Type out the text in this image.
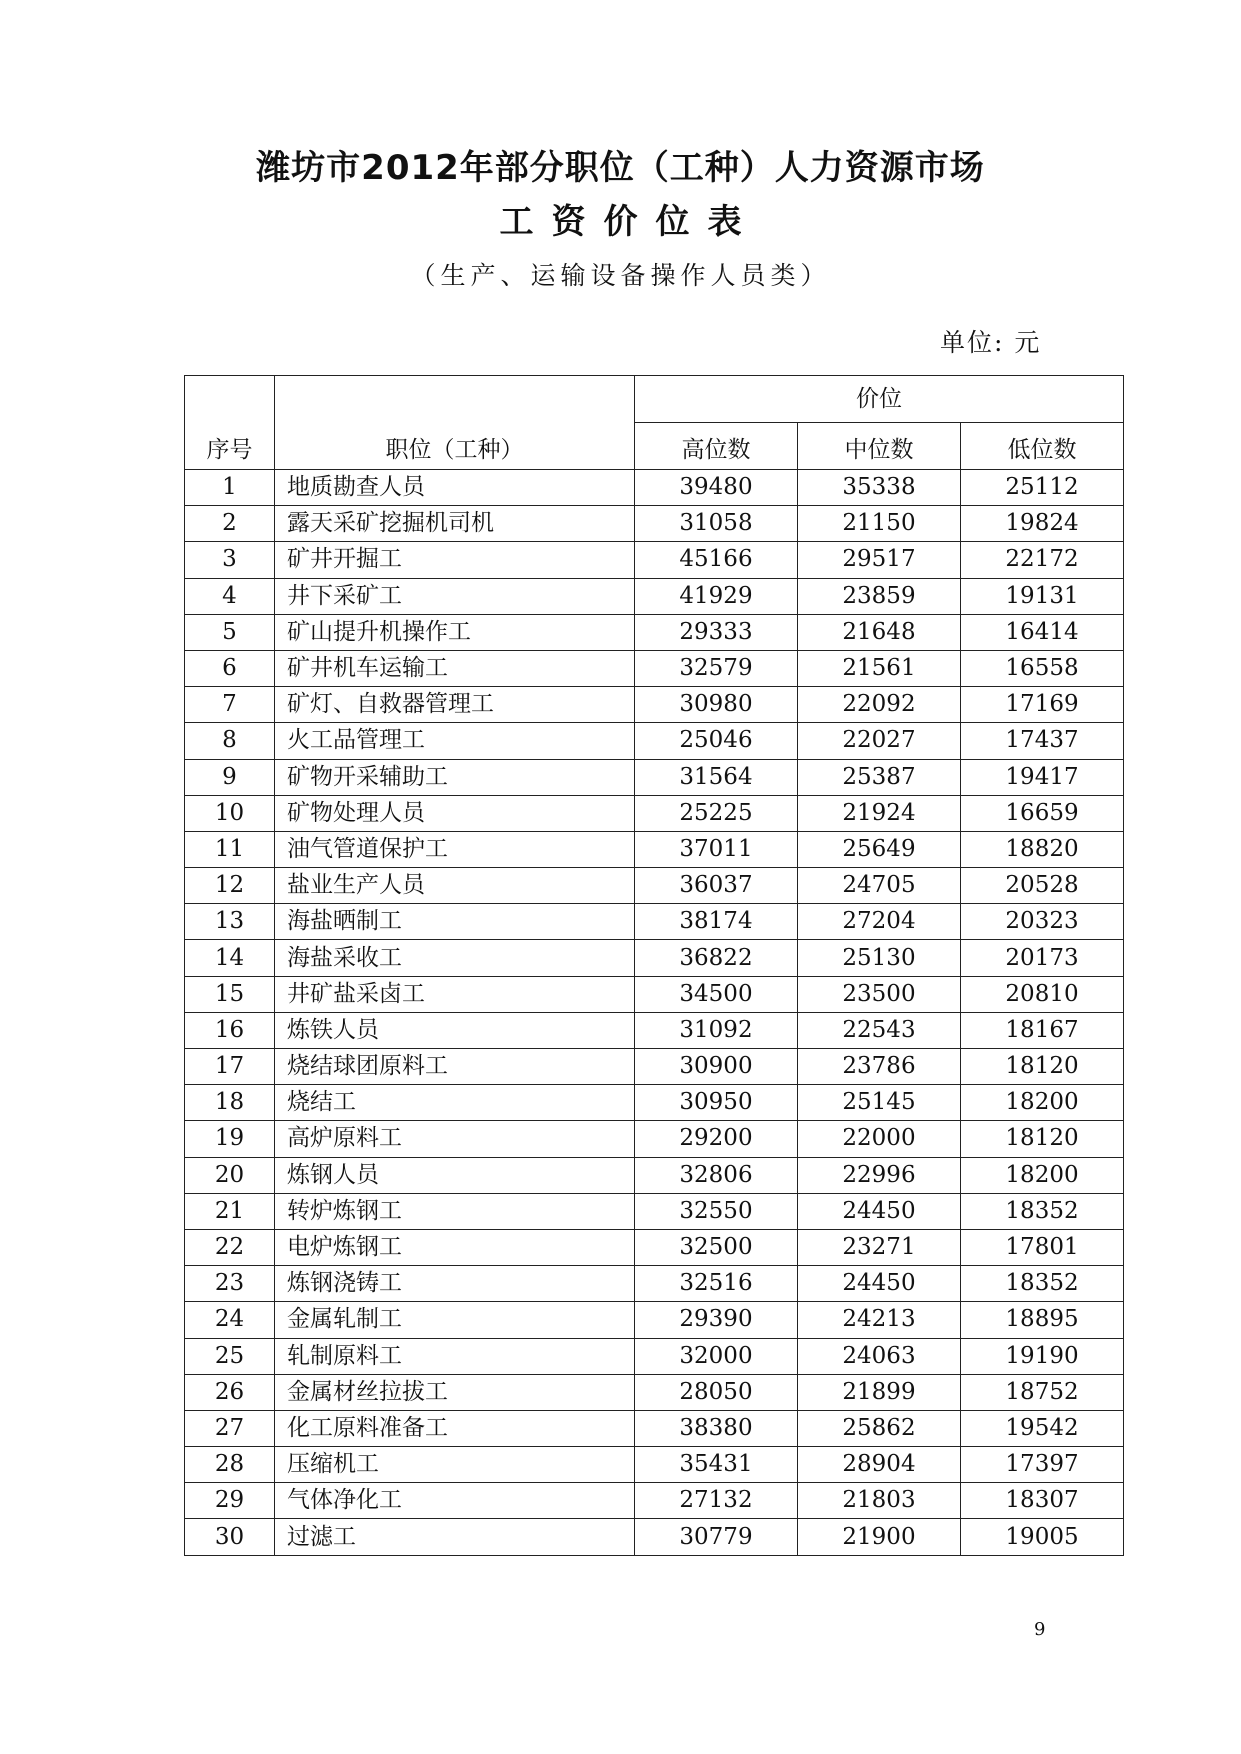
潍坊市2012年部分职位（工种）人力资源市场
工资价位表
（生产、运输设备操作人员类）
单位: 元
序号	职位（工种）	价位		
		高位数	中位数	低位数
1	地质勘查人员	39480	35338	25112
2	露天采矿挖掘机司机	31058	21150	19824
3	矿井开掘工	45166	29517	22172
4	井下采矿工	41929	23859	19131
5	矿山提升机操作工	29333	21648	16414
6	矿井机车运输工	32579	21561	16558
7	矿灯、自救器管理工	30980	22092	17169
8	火工品管理工	25046	22027	17437
9	矿物开采辅助工	31564	25387	19417
10	矿物处理人员	25225	21924	16659
11	油气管道保护工	37011	25649	18820
12	盐业生产人员	36037	24705	20528
13	海盐晒制工	38174	27204	20323
14	海盐采收工	36822	25130	20173
15	井矿盐采卤工	34500	23500	20810
16	炼铁人员	31092	22543	18167
17	烧结球团原料工	30900	23786	18120
18	烧结工	30950	25145	18200
19	高炉原料工	29200	22000	18120
20	炼钢人员	32806	22996	18200
21	转炉炼钢工	32550	24450	18352
22	电炉炼钢工	32500	23271	17801
23	炼钢浇铸工	32516	24450	18352
24	金属轧制工	29390	24213	18895
25	轧制原料工	32000	24063	19190
26	金属材丝拉拔工	28050	21899	18752
27	化工原料准备工	38380	25862	19542
28	压缩机工	35431	28904	17397
29	气体净化工	27132	21803	18307
30	过滤工	30779	21900	19005
9
